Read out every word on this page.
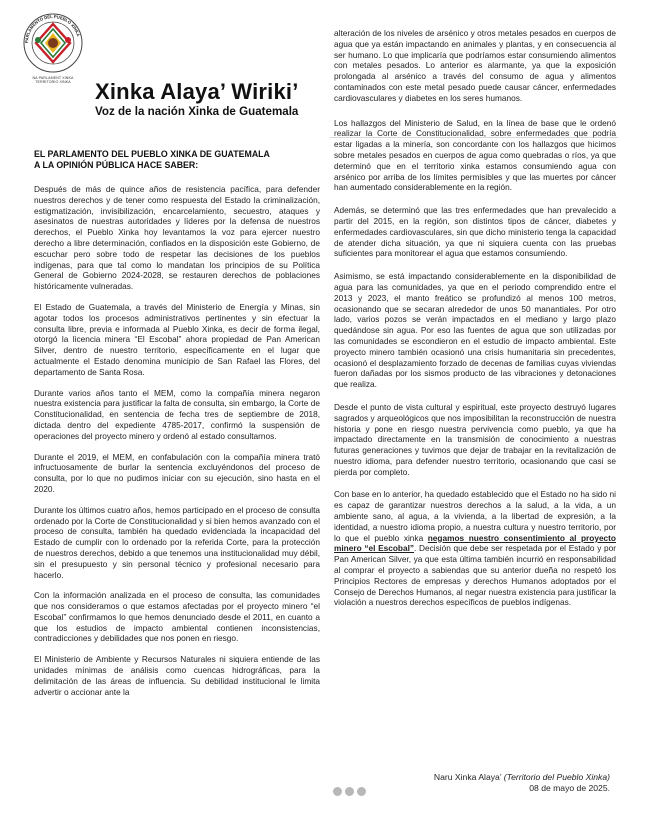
PARLAMENTO DEL PUEBLO XINKA
NA PARLAMENT XINKA
TERRITORIO XINKA	Xinka Alaya’ Wiriki’
Voz de la nación Xinka de Guatemala
EL PARLAMENTO DEL PUEBLO XINKA DE GUATEMALA
A LA OPINIÓN PÚBLICA HACE SABER:

Después de más de quince años de resistencia pacífica, para defender nuestros derechos y de tener como respuesta del Estado la criminalización, estigmatización, invisibilización, encarcelamiento, secuestro, ataques y asesinatos de nuestras autoridades y líderes por la defensa de nuestros derechos, el Pueblo Xinka hoy levantamos la voz para ejercer nuestro derecho a libre determinación, confiados en la disposición este Gobierno, de escuchar pero sobre todo de respetar las decisiones de los pueblos indígenas, para que tal como lo mandatan los principios de su Política General de Gobierno 2024-2028, se restauren derechos de poblaciones históricamente vulneradas.

El Estado de Guatemala, a través del Ministerio de Energía y Minas, sin agotar todos los procesos administrativos pertinentes y sin efectuar la consulta libre, previa e informada al Pueblo Xinka, es decir de forma ilegal, otorgó la licencia minera “El Escobal” ahora propiedad de Pan American Silver, dentro de nuestro territorio, específicamente en el lugar que actualmente el Estado denomina municipio de San Rafael las Flores, del departamento de Santa Rosa.

Durante varios años tanto el MEM, como la compañía minera negaron nuestra existencia para justificar la falta de consulta, sin embargo, la Corte de Constitucionalidad, en sentencia de fecha tres de septiembre de 2018, dictada dentro del expediente 4785-2017, confirmó la suspensión de operaciones del proyecto minero y ordenó al estado consultarnos.

Durante el 2019, el MEM, en confabulación con la compañía minera trató infructuosamente de burlar la sentencia excluyéndonos del proceso de consulta, por lo que no pudimos iniciar con su ejecución, sino hasta en el 2020.

Durante los últimos cuatro años, hemos participado en el proceso de consulta ordenado por la Corte de Constitucionalidad y si bien hemos avanzado con el proceso de consulta, también ha quedado evidenciada la incapacidad del Estado de cumplir con lo ordenado por la referida Corte, para la protección de nuestros derechos, debido a que tenemos una institucionalidad muy débil, sin el presupuesto y sin personal técnico y profesional necesario para hacerlo.

Con la información analizada en el proceso de consulta, las comunidades que nos consideramos o que estamos afectadas por el proyecto minero “el Escobal” confirmamos lo que hemos denunciado desde el 2011, en cuanto a que los estudios de impacto ambiental contienen inconsistencias, contradicciones y debilidades que nos ponen en riesgo.

El Ministerio de Ambiente y Recursos Naturales ni siquiera entiende de las unidades mínimas de análisis como cuencas hidrográficas, para la delimitación de las áreas de influencia. Su debilidad institucional le limita advertir o accionar ante la

alteración de los niveles de arsénico y otros metales pesados en cuerpos de agua que ya están impactando en animales y plantas, y en consecuencia al ser humano. Lo que implicaría que podríamos estar consumiendo alimentos con metales pesados. Lo anterior es alarmante, ya que la exposición prolongada al arsénico a través del consumo de agua y alimentos contaminados con este metal pesado puede causar cáncer, enfermedades cardiovasculares y diabetes en los seres humanos.

Los hallazgos del Ministerio de Salud, en la línea de base que le ordenó realizar la Corte de Constitucionalidad, sobre enfermedades que podría estar ligadas a la minería, son concordante con los hallazgos que hicimos sobre metales pesados en cuerpos de agua como quebradas o ríos, ya que determinó que en el territorio xinka estamos consumiendo agua con arsénico por arriba de los límites permisibles y que las muertes por cáncer han aumentado considerablemente en la región.

Además, se determinó que las tres enfermedades que han prevalecido a partir del 2015, en la región, son distintos tipos de cáncer, diabetes y enfermedades cardiovasculares, sin que dicho ministerio tenga la capacidad de atender dicha situación, ya que ni siquiera cuenta con las pruebas suficientes para monitorear el agua que estamos consumiendo.

Asimismo, se está impactando considerablemente en la disponibilidad de agua para las comunidades, ya que en el periodo comprendido entre el 2013 y 2023, el manto freático se profundizó al menos 100 metros, ocasionando que se secaran alrededor de unos 50 manantiales. Por otro lado, varios pozos se verán impactados en el mediano y largo plazo quedándose sin agua. Por eso las fuentes de agua que son utilizadas por las comunidades se escondieron en el estudio de impacto ambiental. Este proyecto minero también ocasionó una crisis humanitaria sin precedentes, ocasionó el desplazamiento forzado de decenas de familias cuyas viviendas fueron dañadas por los sismos producto de las vibraciones y detonaciones que realiza.

Desde el punto de vista cultural y espiritual, este proyecto destruyó lugares sagrados y arqueológicos que nos imposibilitan la reconstrucción de nuestra historia y pone en riesgo nuestra pervivencia como pueblo, ya que ha impactado directamente en la transmisión de conocimiento a nuestras futuras generaciones y tuvimos que dejar de trabajar en la revitalización de nuestro idioma, para defender nuestro territorio, ocasionando que casi se pierda por completo.

Con base en lo anterior, ha quedado establecido que el Estado no ha sido ni es capaz de garantizar nuestros derechos a la salud, a la vida, a un ambiente sano, al agua, a la vivienda, a la libertad de expresión, a la identidad, a nuestro idioma propio, a nuestra cultura y nuestro territorio, por lo que el pueblo xinka negamos nuestro consentimiento al proyecto minero “el Escobal”. Decisión que debe ser respetada por el Estado y por Pan American Silver, ya que esta última también incurrió en responsabilidad al comprar el proyecto a sabiendas que su anterior dueña no respetó los Principios Rectores de empresas y derechos Humanos adoptados por el Consejo de Derechos Humanos, al negar nuestra existencia para justificar la violación a nuestros derechos específicos de pueblos indígenas.

Naru Xinka Alaya’ (Territorio del Pueblo Xinka)
08 de mayo de 2025.
